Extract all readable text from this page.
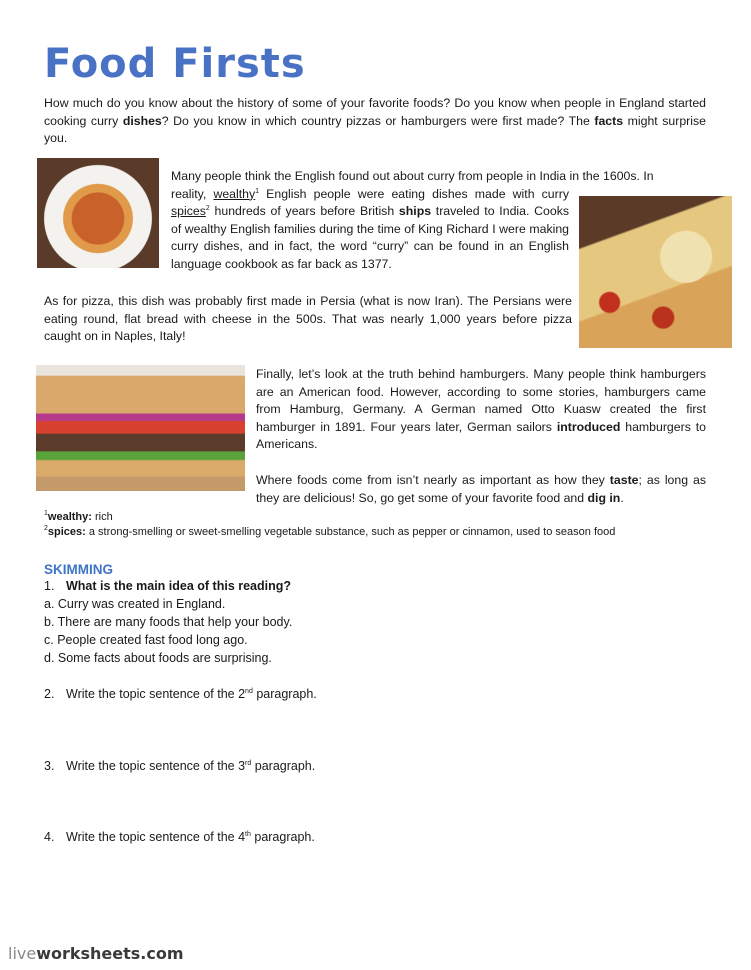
Food Firsts

How much do you know about the history of some of your favorite foods? Do you know when people in England started cooking curry dishes? Do you know in which country pizzas or hamburgers were first made? The facts might surprise you.

Many people think the English found out about curry from people in India in the 1600s. In

reality, wealthy$^1$ English people were eating dishes made with curry spices$^2$ hundreds of years before British ships traveled to India. Cooks of wealthy English families during the time of King Richard I were making curry dishes, and in fact, the word “curry” can be found in an English language cookbook as far back as 1377.

As for pizza, this dish was probably first made in Persia (what is now Iran). The Persians were eating round, flat bread with cheese in the 500s. That was nearly 1,000 years before pizza caught on in Naples, Italy!

Finally, let’s look at the truth behind hamburgers. Many people think hamburgers are an American food. However, according to some stories, hamburgers came from Hamburg, Germany. A German named Otto Kuasw created the first hamburger in 1891. Four years later, German sailors introduced hamburgers to Americans.

Where foods come from isn’t nearly as important as how they taste; as long as they are delicious! So, go get some of your favorite food and dig in.

$^1$wealthy: rich
$^2$spices: a strong-smelling or sweet-smelling vegetable substance, such as pepper or cinnamon, used to season food
SKIMMING
1. What is the main idea of this reading?
a. Curry was created in England.
b. There are many foods that help your body.
c. People created fast food long ago.
d. Some facts about foods are surprising.
2. Write the topic sentence of the 2nd paragraph.
3. Write the topic sentence of the 3rd paragraph.
4. Write the topic sentence of the 4th paragraph.
liveworksheets.com
